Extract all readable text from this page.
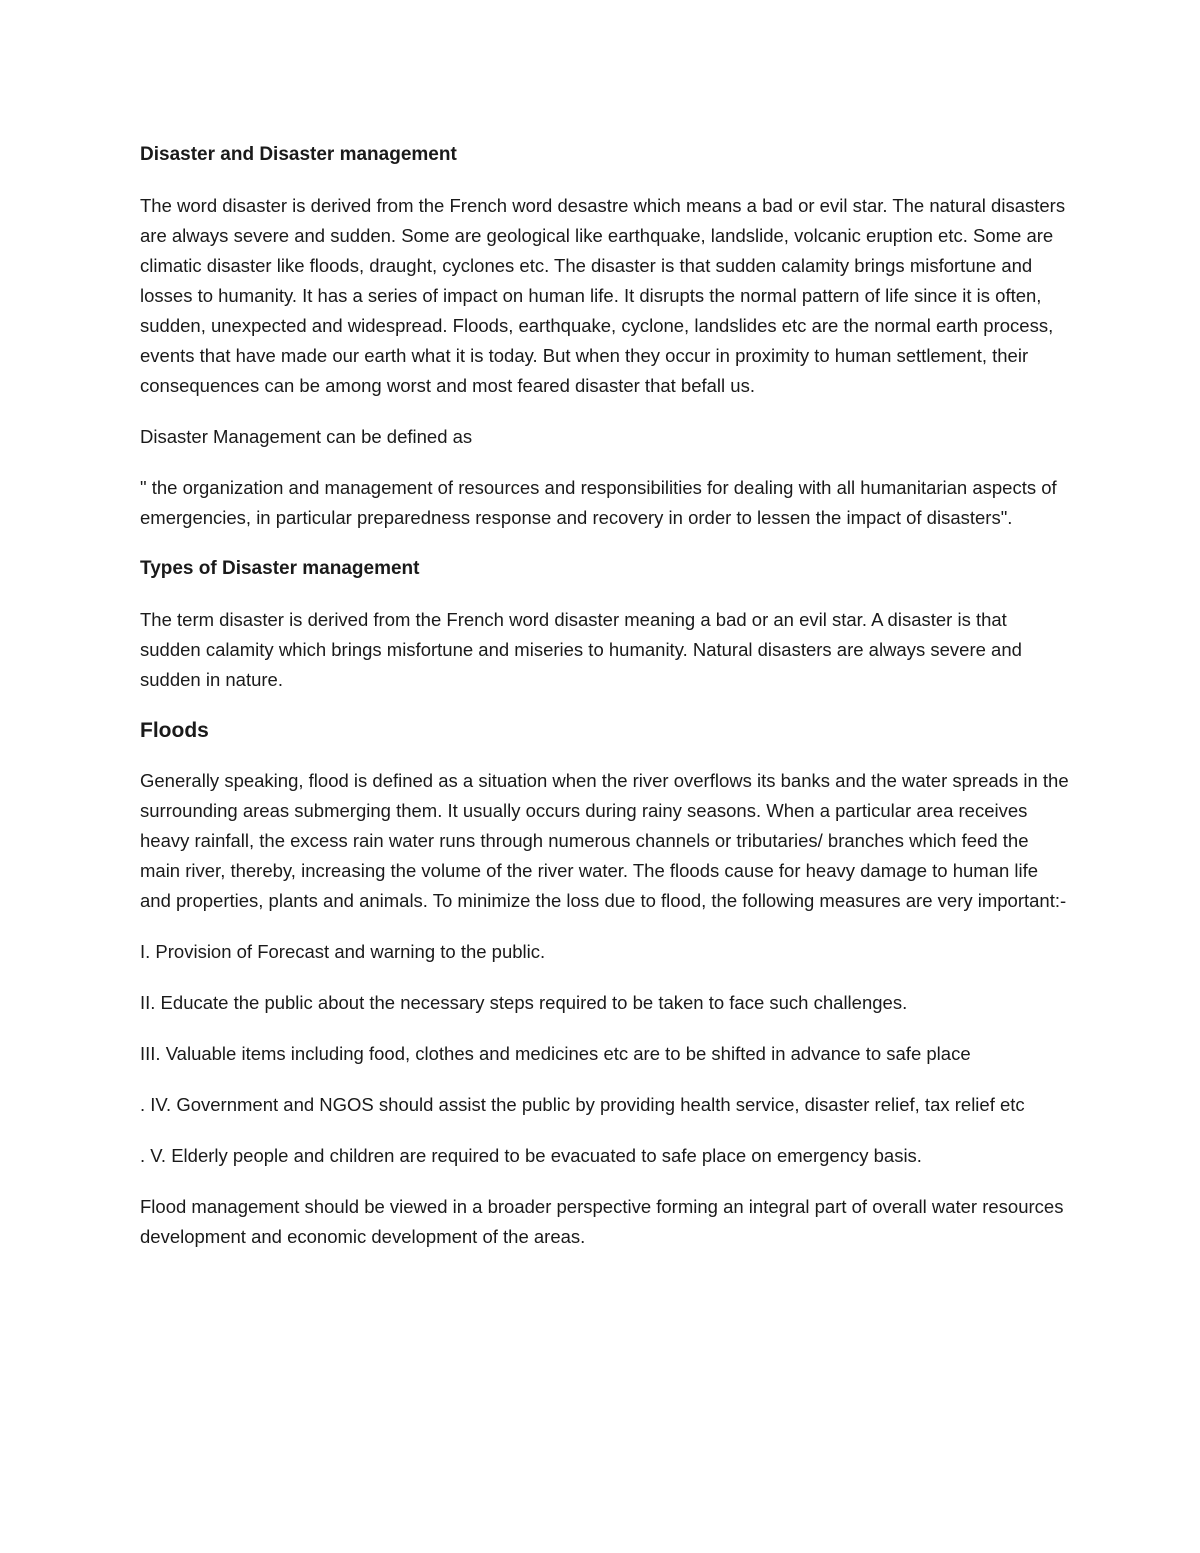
Disaster and Disaster management

The word disaster is derived from the French word desastre which means a bad or evil star. The natural disasters are always severe and sudden. Some are geological like earthquake, landslide, volcanic eruption etc. Some are climatic disaster like floods, draught, cyclones etc. The disaster is that sudden calamity brings misfortune and losses to humanity. It has a series of impact on human life. It disrupts the normal pattern of life since it is often, sudden, unexpected and widespread. Floods, earthquake, cyclone, landslides etc are the normal earth process, events that have made our earth what it is today. But when they occur in proximity to human settlement, their consequences can be among worst and most feared disaster that befall us.

Disaster Management can be defined as

" the organization and management of resources and responsibilities for dealing with all humanitarian aspects of emergencies, in particular preparedness response and recovery in order to lessen the impact of disasters".

Types of Disaster management

The term disaster is derived from the French word disaster meaning a bad or an evil star. A disaster is that sudden calamity which brings misfortune and miseries to humanity. Natural disasters are always severe and sudden in nature.

Floods

Generally speaking, flood is defined as a situation when the river overflows its banks and the water spreads in the surrounding areas submerging them. It usually occurs during rainy seasons. When a particular area receives heavy rainfall, the excess rain water runs through numerous channels or tributaries/ branches which feed the main river, thereby, increasing the volume of the river water. The floods cause for heavy damage to human life and properties, plants and animals. To minimize the loss due to flood, the following measures are very important:-

I. Provision of Forecast and warning to the public.

II. Educate the public about the necessary steps required to be taken to face such challenges.

III. Valuable items including food, clothes and medicines etc are to be shifted in advance to safe place

. IV. Government and NGOS should assist the public by providing health service, disaster relief, tax relief etc

. V. Elderly people and children are required to be evacuated to safe place on emergency basis.

Flood management should be viewed in a broader perspective forming an integral part of overall water resources development and economic development of the areas.
